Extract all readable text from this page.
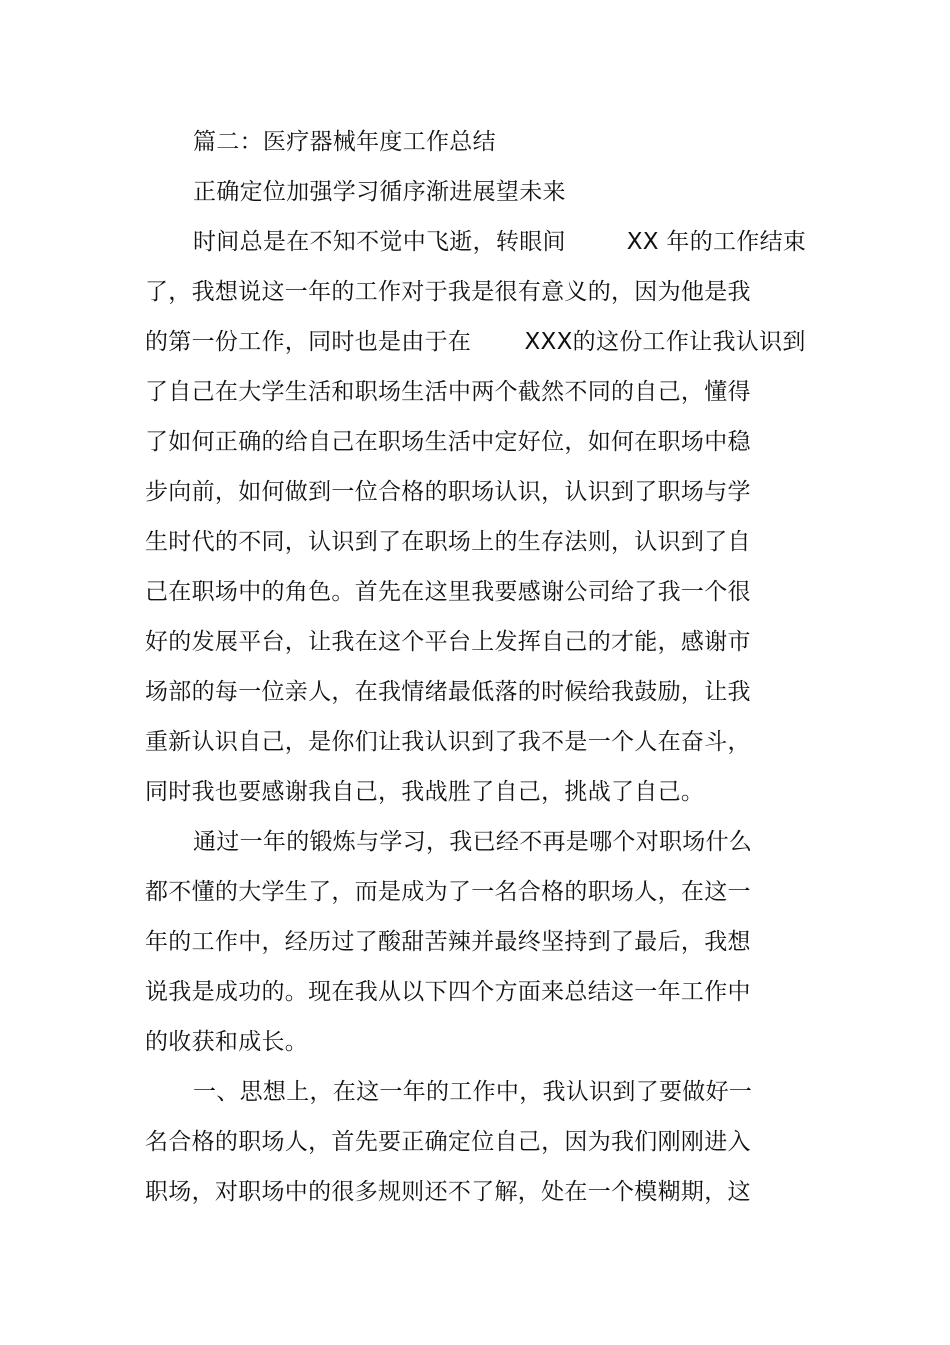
篇二：医疗器械年度工作总结
正确定位加强学习循序渐进展望未来
时间总是在不知不觉中飞逝，转眼间        XX 年的工作结束
了，我想说这一年的工作对于我是很有意义的，因为他是我
的第一份工作，同时也是由于在       XXX的这份工作让我认识到
了自己在大学生活和职场生活中两个截然不同的自己，懂得
了如何正确的给自己在职场生活中定好位，如何在职场中稳
步向前，如何做到一位合格的职场认识，认识到了职场与学
生时代的不同，认识到了在职场上的生存法则，认识到了自
己在职场中的角色。首先在这里我要感谢公司给了我一个很
好的发展平台，让我在这个平台上发挥自己的才能，感谢市
场部的每一位亲人，在我情绪最低落的时候给我鼓励，让我
重新认识自己，是你们让我认识到了我不是一个人在奋斗，
同时我也要感谢我自己，我战胜了自己，挑战了自己。
通过一年的锻炼与学习，我已经不再是哪个对职场什么
都不懂的大学生了，而是成为了一名合格的职场人，在这一
年的工作中，经历过了酸甜苦辣并最终坚持到了最后，我想
说我是成功的。现在我从以下四个方面来总结这一年工作中
的收获和成长。
一、思想上，在这一年的工作中，我认识到了要做好一
名合格的职场人，首先要正确定位自己，因为我们刚刚进入
职场，对职场中的很多规则还不了解，处在一个模糊期，这
